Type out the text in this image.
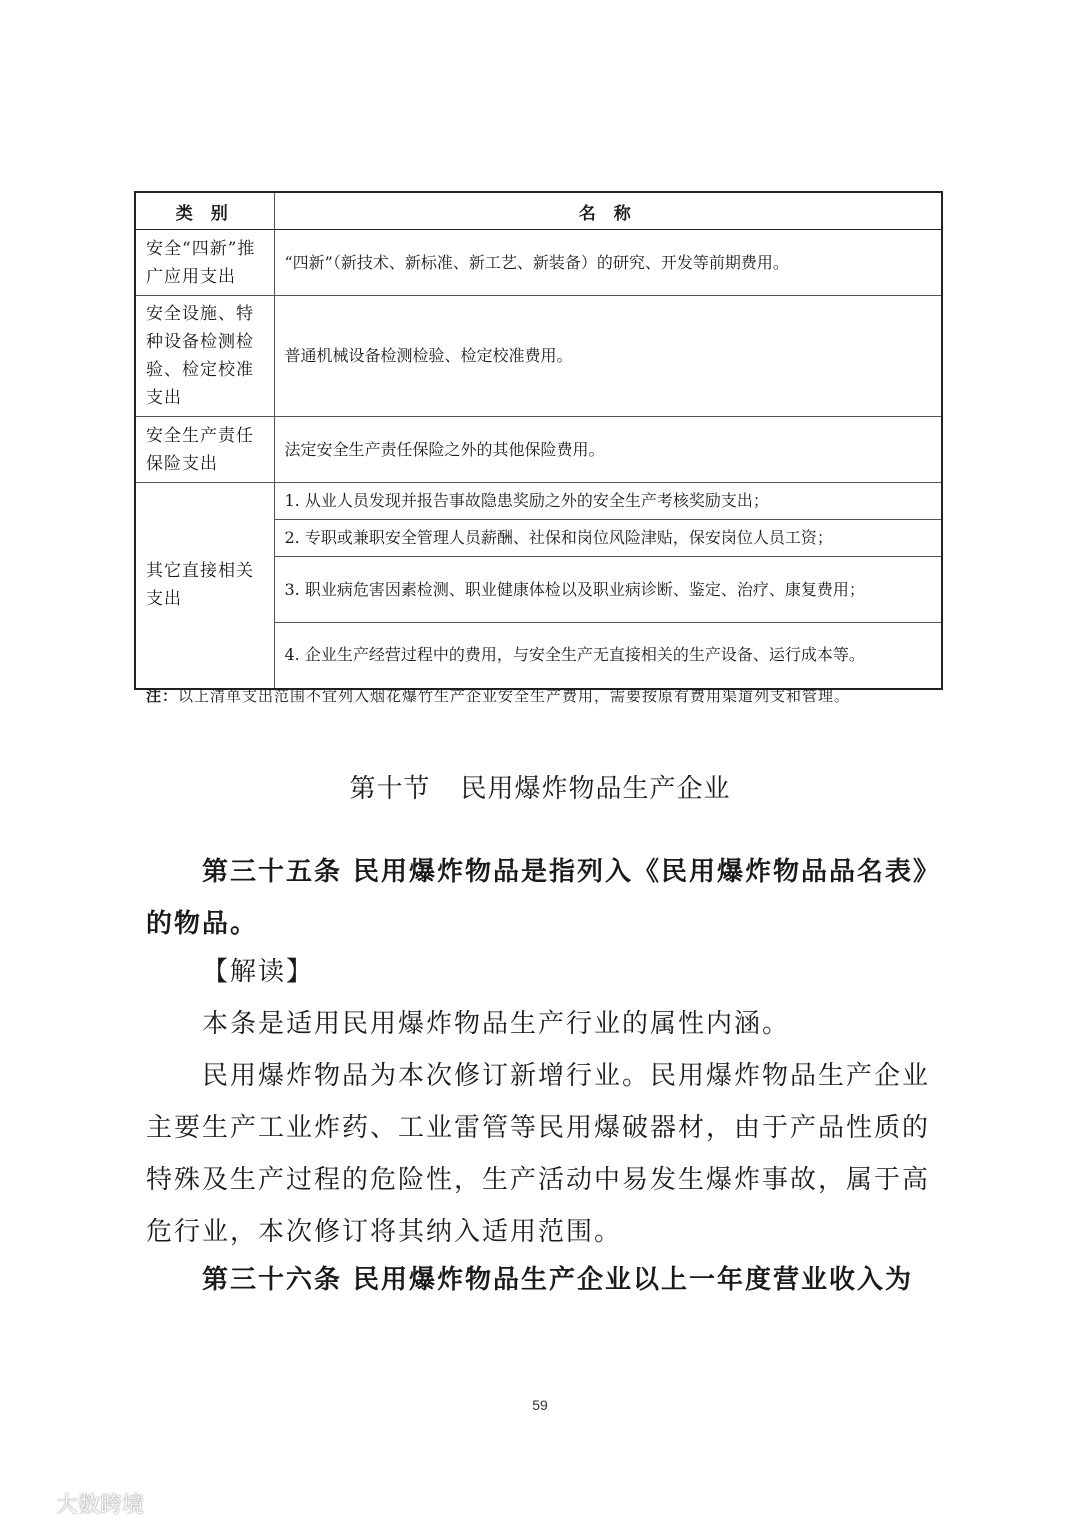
类 别	名 称
安全“四新”推广应用支出	“四新”（新技术、新标准、新工艺、新装备）的研究、开发等前期费用。
安全设施、特种设备检测检验、检定校准支出	普通机械设备检测检验、检定校准费用。
安全生产责任保险支出	法定安全生产责任保险之外的其他保险费用。
其它直接相关支出	1. 从业人员发现并报告事故隐患奖励之外的安全生产考核奖励支出；
	2. 专职或兼职安全管理人员薪酬、社保和岗位风险津贴，保安岗位人员工资；
	3. 职业病危害因素检测、职业健康体检以及职业病诊断、鉴定、治疗、康复费用；
	4. 企业生产经营过程中的费用，与安全生产无直接相关的生产设备、运行成本等。
注：以上清单支出范围不宜列入烟花爆竹生产企业安全生产费用，需要按原有费用渠道列支和管理。
第十节 民用爆炸物品生产企业
第三十五条 民用爆炸物品是指列入《民用爆炸物品品名表》的物品。
【解读】
本条是适用民用爆炸物品生产行业的属性内涵。
民用爆炸物品为本次修订新增行业。民用爆炸物品生产企业主要生产工业炸药、工业雷管等民用爆破器材，由于产品性质的特殊及生产过程的危险性，生产活动中易发生爆炸事故，属于高危行业，本次修订将其纳入适用范围。
第三十六条 民用爆炸物品生产企业以上一年度营业收入为
59
大数跨境
